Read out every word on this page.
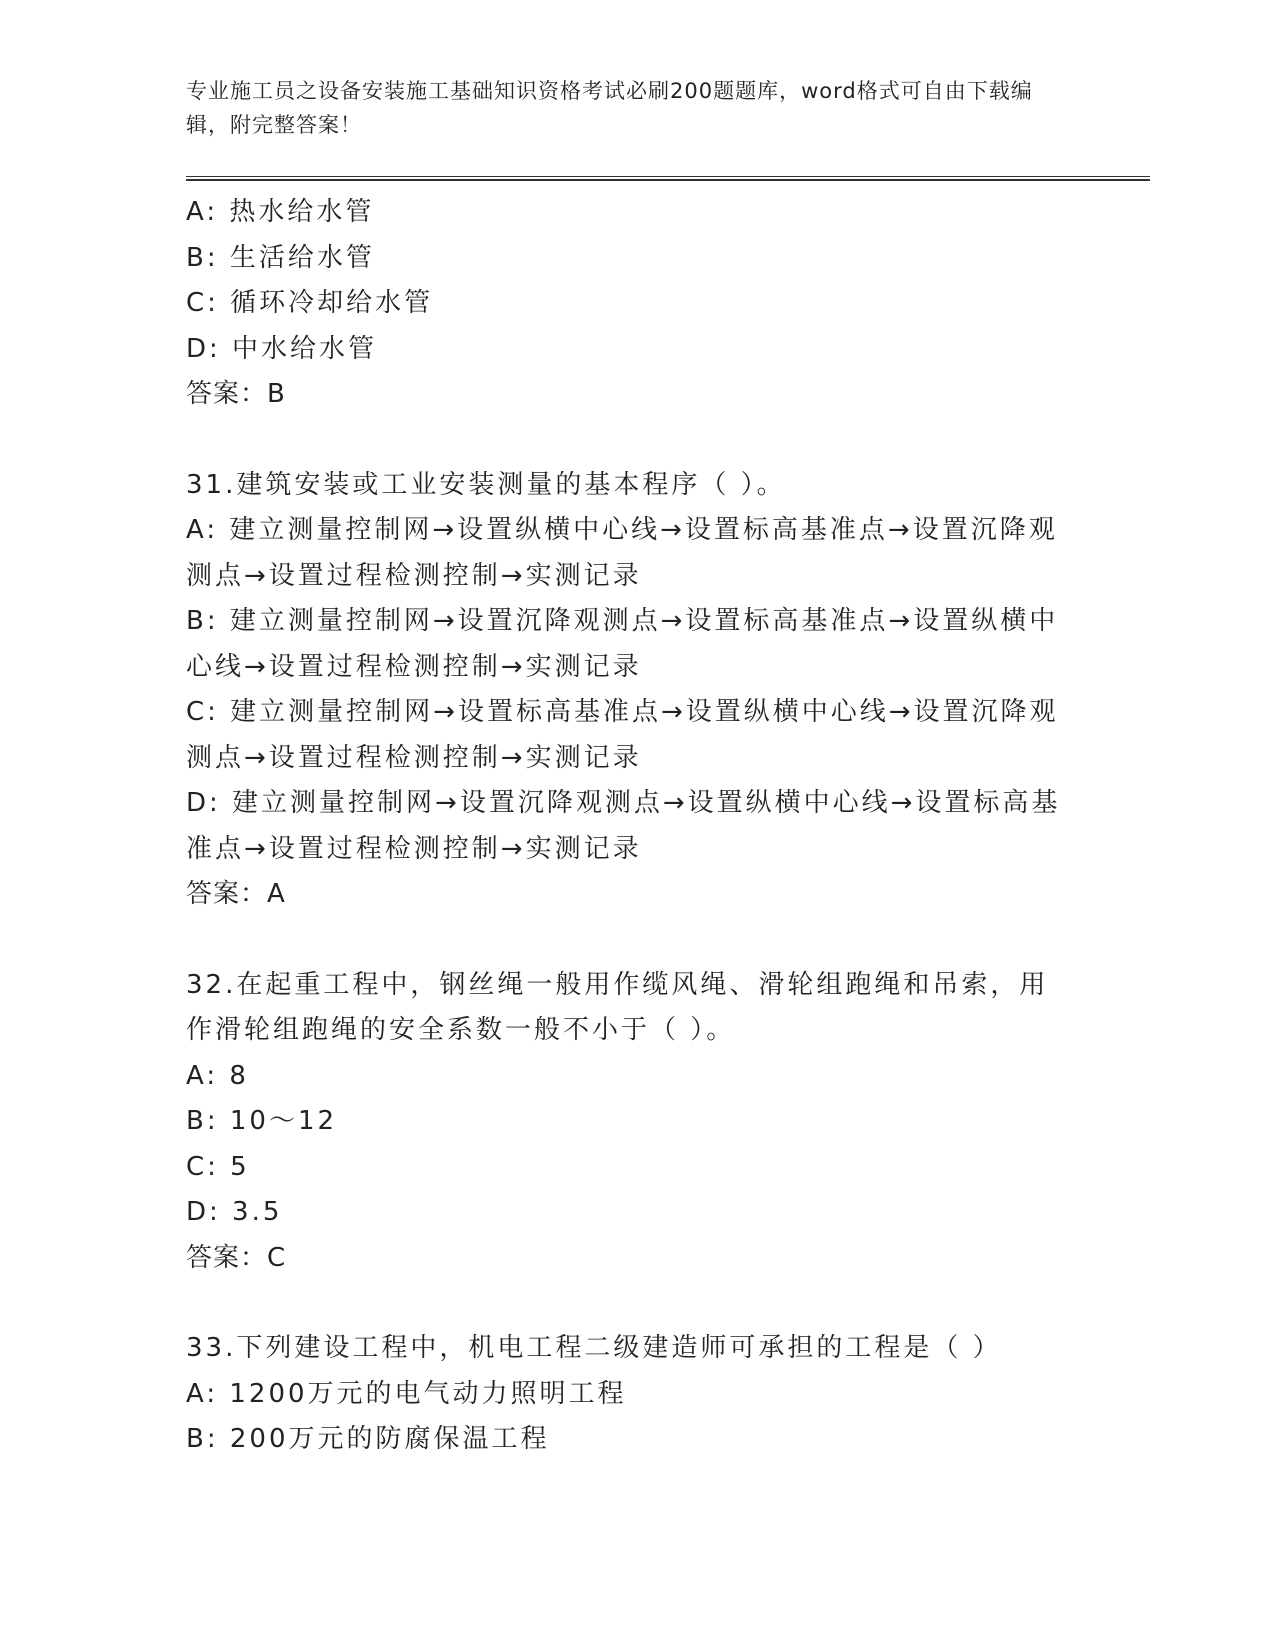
专业施工员之设备安装施工基础知识资格考试必刷200题题库，word格式可自由下载编辑，附完整答案！
A: 热水给水管
B: 生活给水管
C: 循环冷却给水管
D: 中水给水管
答案：B
31.建筑安装或工业安装测量的基本程序（ ）。
A: 建立测量控制网→设置纵横中心线→设置标高基准点→设置沉降观测点→设置过程检测控制→实测记录
B: 建立测量控制网→设置沉降观测点→设置标高基准点→设置纵横中心线→设置过程检测控制→实测记录
C: 建立测量控制网→设置标高基准点→设置纵横中心线→设置沉降观测点→设置过程检测控制→实测记录
D: 建立测量控制网→设置沉降观测点→设置纵横中心线→设置标高基准点→设置过程检测控制→实测记录
答案：A
32.在起重工程中，钢丝绳一般用作缆风绳、滑轮组跑绳和吊索，用作滑轮组跑绳的安全系数一般不小于（ ）。
A: 8
B: 10～12
C: 5
D: 3.5
答案：C
33.下列建设工程中，机电工程二级建造师可承担的工程是（ ）
A: 1200万元的电气动力照明工程
B: 200万元的防腐保温工程
